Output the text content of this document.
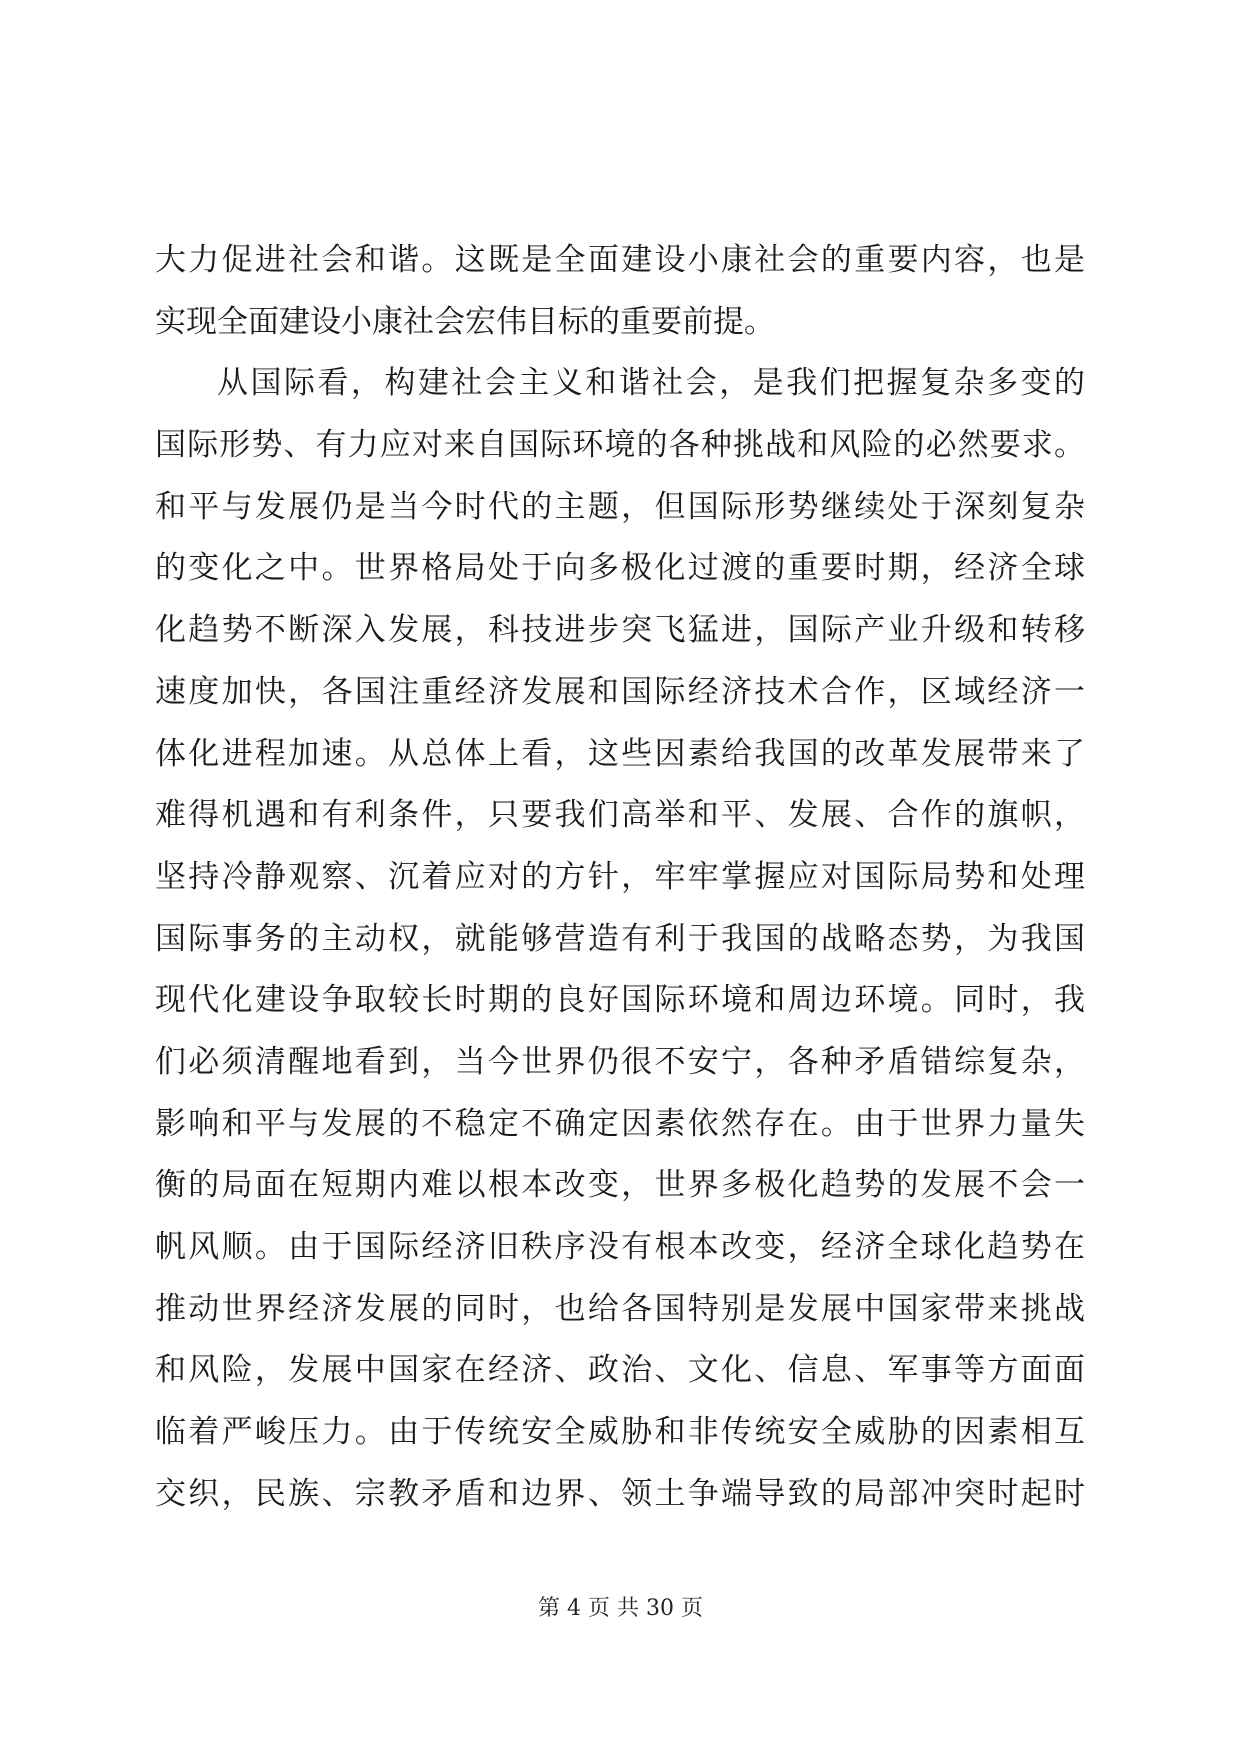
大力促进社会和谐。这既是全面建设小康社会的重要内容，也是
实现全面建设小康社会宏伟目标的重要前提。
从国际看，构建社会主义和谐社会，是我们把握复杂多变的
国际形势、有力应对来自国际环境的各种挑战和风险的必然要求。
和平与发展仍是当今时代的主题，但国际形势继续处于深刻复杂
的变化之中。世界格局处于向多极化过渡的重要时期，经济全球
化趋势不断深入发展，科技进步突飞猛进，国际产业升级和转移
速度加快，各国注重经济发展和国际经济技术合作，区域经济一
体化进程加速。从总体上看，这些因素给我国的改革发展带来了
难得机遇和有利条件，只要我们高举和平、发展、合作的旗帜，
坚持冷静观察、沉着应对的方针，牢牢掌握应对国际局势和处理
国际事务的主动权，就能够营造有利于我国的战略态势，为我国
现代化建设争取较长时期的良好国际环境和周边环境。同时，我
们必须清醒地看到，当今世界仍很不安宁，各种矛盾错综复杂，
影响和平与发展的不稳定不确定因素依然存在。由于世界力量失
衡的局面在短期内难以根本改变，世界多极化趋势的发展不会一
帆风顺。由于国际经济旧秩序没有根本改变，经济全球化趋势在
推动世界经济发展的同时，也给各国特别是发展中国家带来挑战
和风险，发展中国家在经济、政治、文化、信息、军事等方面面
临着严峻压力。由于传统安全威胁和非传统安全威胁的因素相互
交织，民族、宗教矛盾和边界、领土争端导致的局部冲突时起时
第 4 页 共 30 页
